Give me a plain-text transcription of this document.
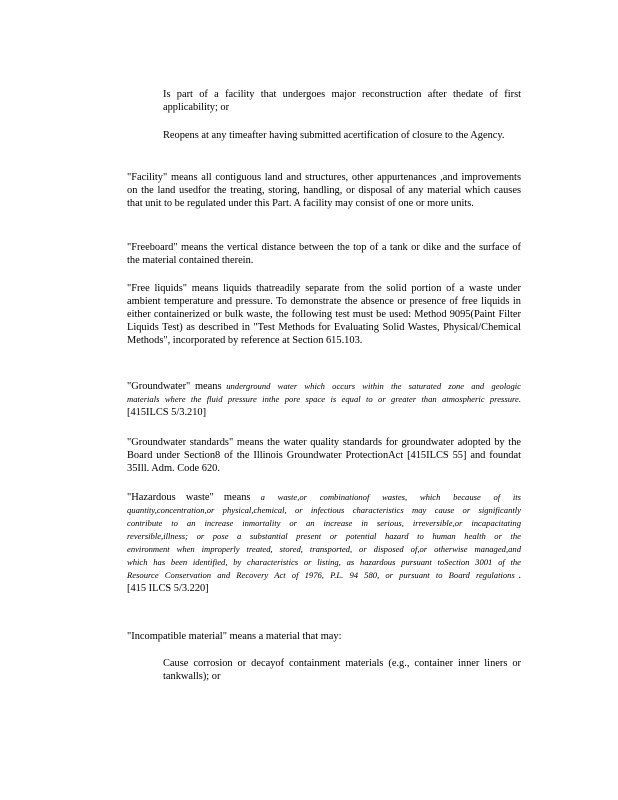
Is part of a facility that undergoes major reconstruction after thedate of first applicability; or

Reopens at any timeafter having submitted acertification of closure to the Agency.

"Facility" means all contiguous land and structures, other appurtenances ,and improvements on the land usedfor the treating, storing, handling, or disposal of any material which causes that unit to be regulated under this Part. A facility may consist of one or more units.

"Freeboard" means the vertical distance between the top of a tank or dike and the surface of the material contained therein.

"Free liquids" means liquids thatreadily separate from the solid portion of a waste under ambient temperature and pressure. To demonstrate the absence or presence of free liquids in either containerized or bulk waste, the following test must be used: Method 9095(Paint Filter Liquids Test) as described in "Test Methods for Evaluating Solid Wastes, Physical/Chemical Methods", incorporated by reference at Section 615.103.

"Groundwater" means underground water which occurs within the saturated zone and geologic materials where the fluid pressure inthe pore space is equal to or greater than atmospheric pressure. [415ILCS 5/3.210]

"Groundwater standards" means the water quality standards for groundwater adopted by the Board under Section8 of the Illinois Groundwater ProtectionAct [415ILCS 55] and foundat 35Ill. Adm. Code 620.

"Hazardous waste" means a waste,or combinationof wastes, which because of its quantity,concentration,or physical,chemical, or infectious characteristics may cause or significantly contribute to an increase inmortality or an increase in serious, irreversible,or incapacitating reversible,illness; or pose a substantial present or potential hazard to human health or the environment when improperly treated, stored, transported, or disposed of,or otherwise managed,and which has been identified, by characteristics or listing, as hazardous pursuant toSection 3001 of the Resource Conservation and Recovery Act of 1976, P.L. 94 580, or pursuant to Board regulations .[415 ILCS 5/3.220]

"Incompatible material" means a material that may:

Cause corrosion or decayof containment materials (e.g., container inner liners or tankwalls); or
